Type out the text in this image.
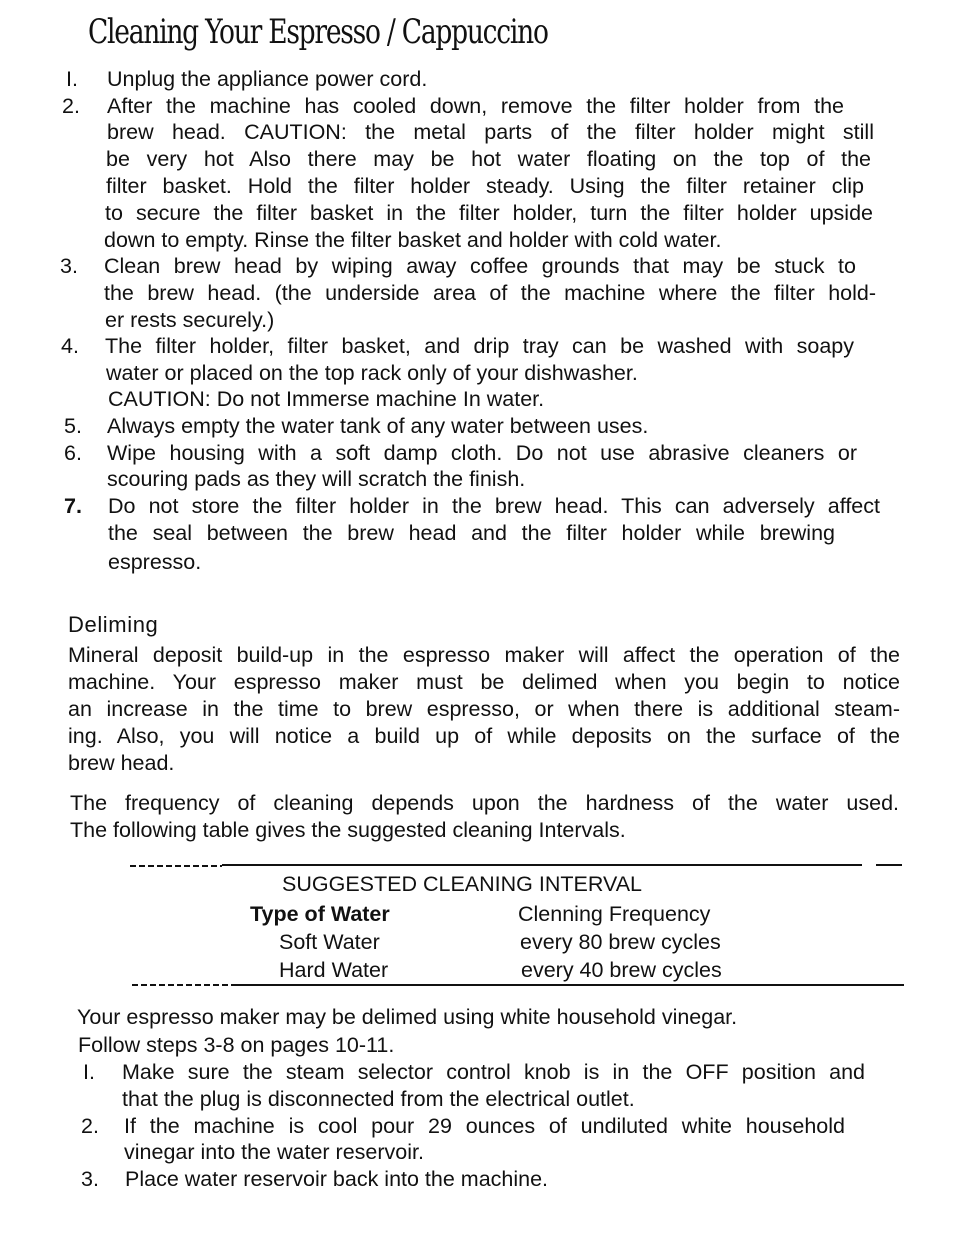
Cleaning Your Espresso / Cappuccino
I. Unplug the appliance power cord.
2. After the machine has cooled down, remove the filter holder from the
brew head. CAUTION: the metal parts of the filter holder might still
be very hot Also there may be hot water floating on the top of the
filter basket. Hold the filter holder steady. Using the filter retainer clip
to secure the filter basket in the filter holder, turn the filter holder upside
down to empty. Rinse the filter basket and holder with cold water.
3. Clean brew head by wiping away coffee grounds that may be stuck to
the brew head. (the underside area of the machine where the filter hold-
er rests securely.)
4. The filter holder, filter basket, and drip tray can be washed with soapy
water or placed on the top rack only of your dishwasher.
CAUTION: Do not Immerse machine In water.
5. Always empty the water tank of any water between uses.
6. Wipe housing with a soft damp cloth. Do not use abrasive cleaners or
scouring pads as they will scratch the finish.
7. Do not store the filter holder in the brew head. This can adversely affect
the seal between the brew head and the filter holder while brewing
espresso.
Deliming
Mineral deposit build-up in the espresso maker will affect the operation of the
machine. Your espresso maker must be delimed when you begin to notice
an increase in the time to brew espresso, or when there is additional steam-
ing. Also, you will notice a build up of while deposits on the surface of the
brew head.
The frequency of cleaning depends upon the hardness of the water used.
The following table gives the suggested cleaning Intervals.
SUGGESTED CLEANING INTERVAL
Type of Water	Clenning Frequency
Soft Water	every 80 brew cycles
Hard Water	every 40 brew cycles
Your espresso maker may be delimed using white household vinegar.
Follow steps 3-8 on pages 10-11.
I. Make sure the steam selector control knob is in the OFF position and
that the plug is disconnected from the electrical outlet.
2. If the machine is cool pour 29 ounces of undiluted white household
vinegar into the water reservoir.
3. Place water reservoir back into the machine.
